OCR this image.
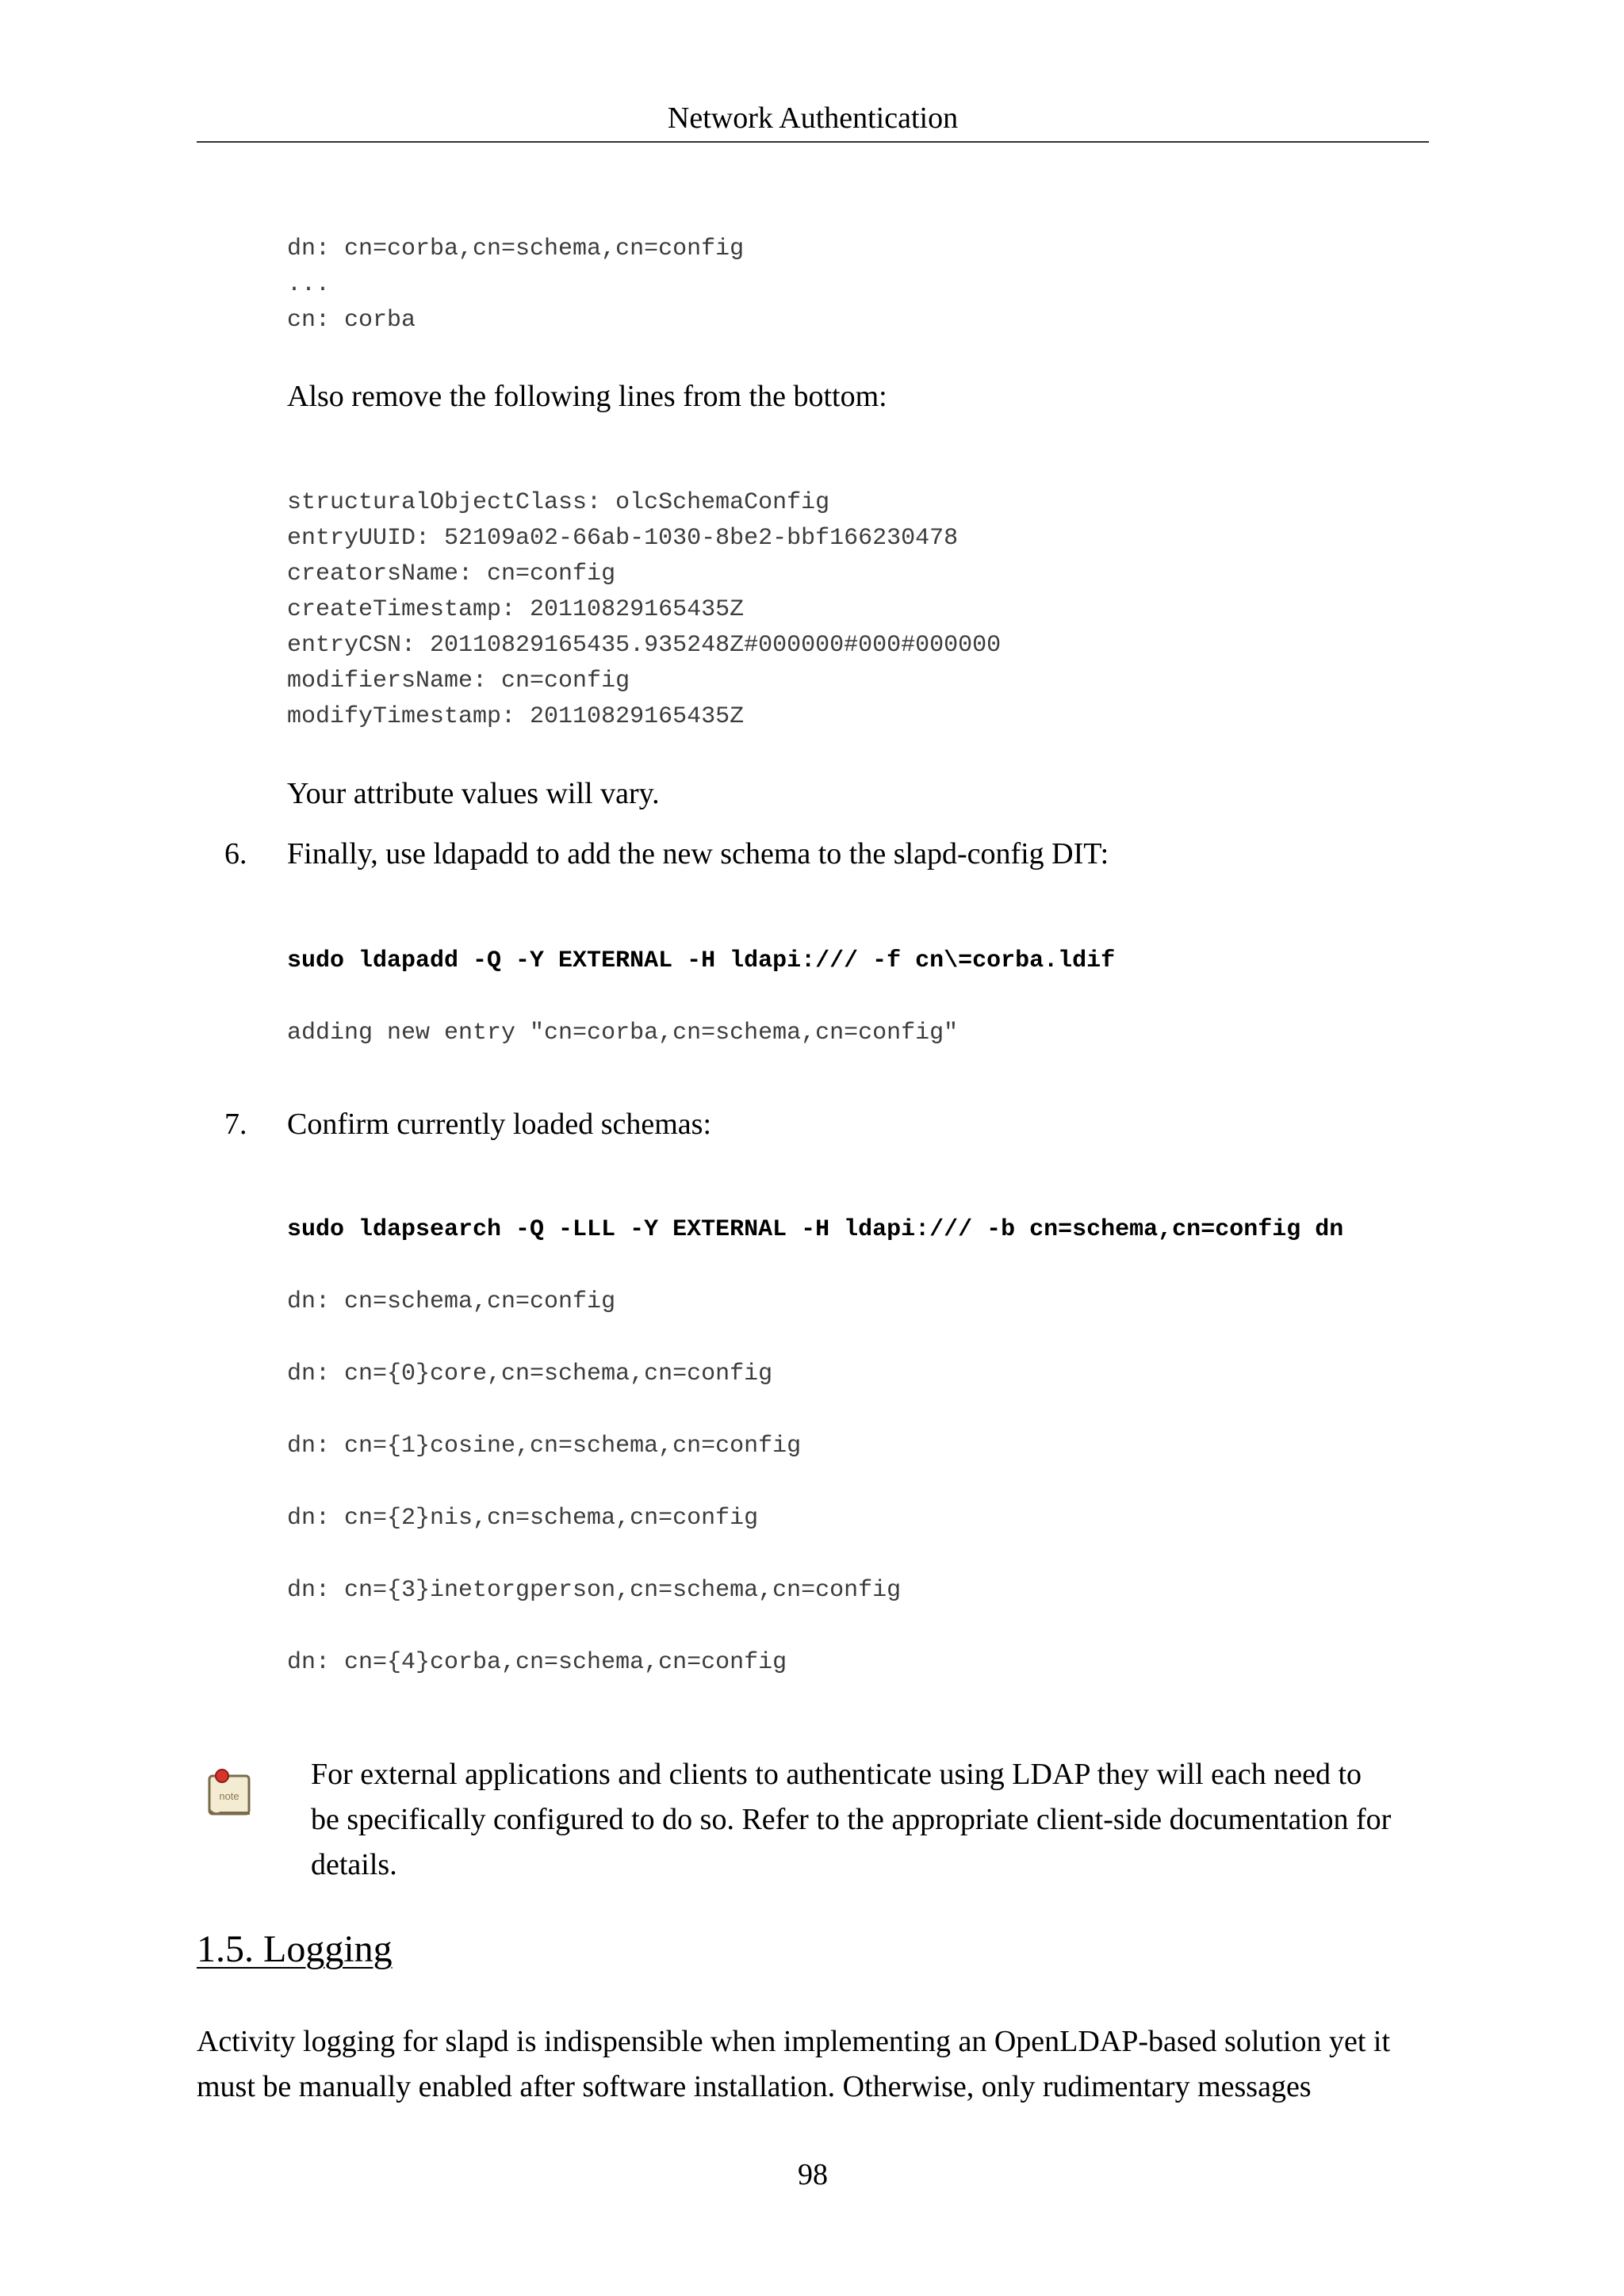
Network Authentication
dn: cn=corba,cn=schema,cn=config
...
cn: corba
Also remove the following lines from the bottom:
structuralObjectClass: olcSchemaConfig
entryUUID: 52109a02-66ab-1030-8be2-bbf166230478
creatorsName: cn=config
createTimestamp: 20110829165435Z
entryCSN: 20110829165435.935248Z#000000#000#000000
modifiersName: cn=config
modifyTimestamp: 20110829165435Z
Your attribute values will vary.
6. Finally, use ldapadd to add the new schema to the slapd-config DIT:
sudo ldapadd -Q -Y EXTERNAL -H ldapi:/// -f cn\=corba.ldif
adding new entry "cn=corba,cn=schema,cn=config"
7. Confirm currently loaded schemas:
sudo ldapsearch -Q -LLL -Y EXTERNAL -H ldapi:/// -b cn=schema,cn=config dn
dn: cn=schema,cn=config
dn: cn={0}core,cn=schema,cn=config
dn: cn={1}cosine,cn=schema,cn=config
dn: cn={2}nis,cn=schema,cn=config
dn: cn={3}inetorgperson,cn=schema,cn=config
dn: cn={4}corba,cn=schema,cn=config
note
For external applications and clients to authenticate using LDAP they will each need to be specifically configured to do so. Refer to the appropriate client-side documentation for details.
1.5. Logging
Activity logging for slapd is indispensible when implementing an OpenLDAP-based solution yet it must be manually enabled after software installation. Otherwise, only rudimentary messages
98
